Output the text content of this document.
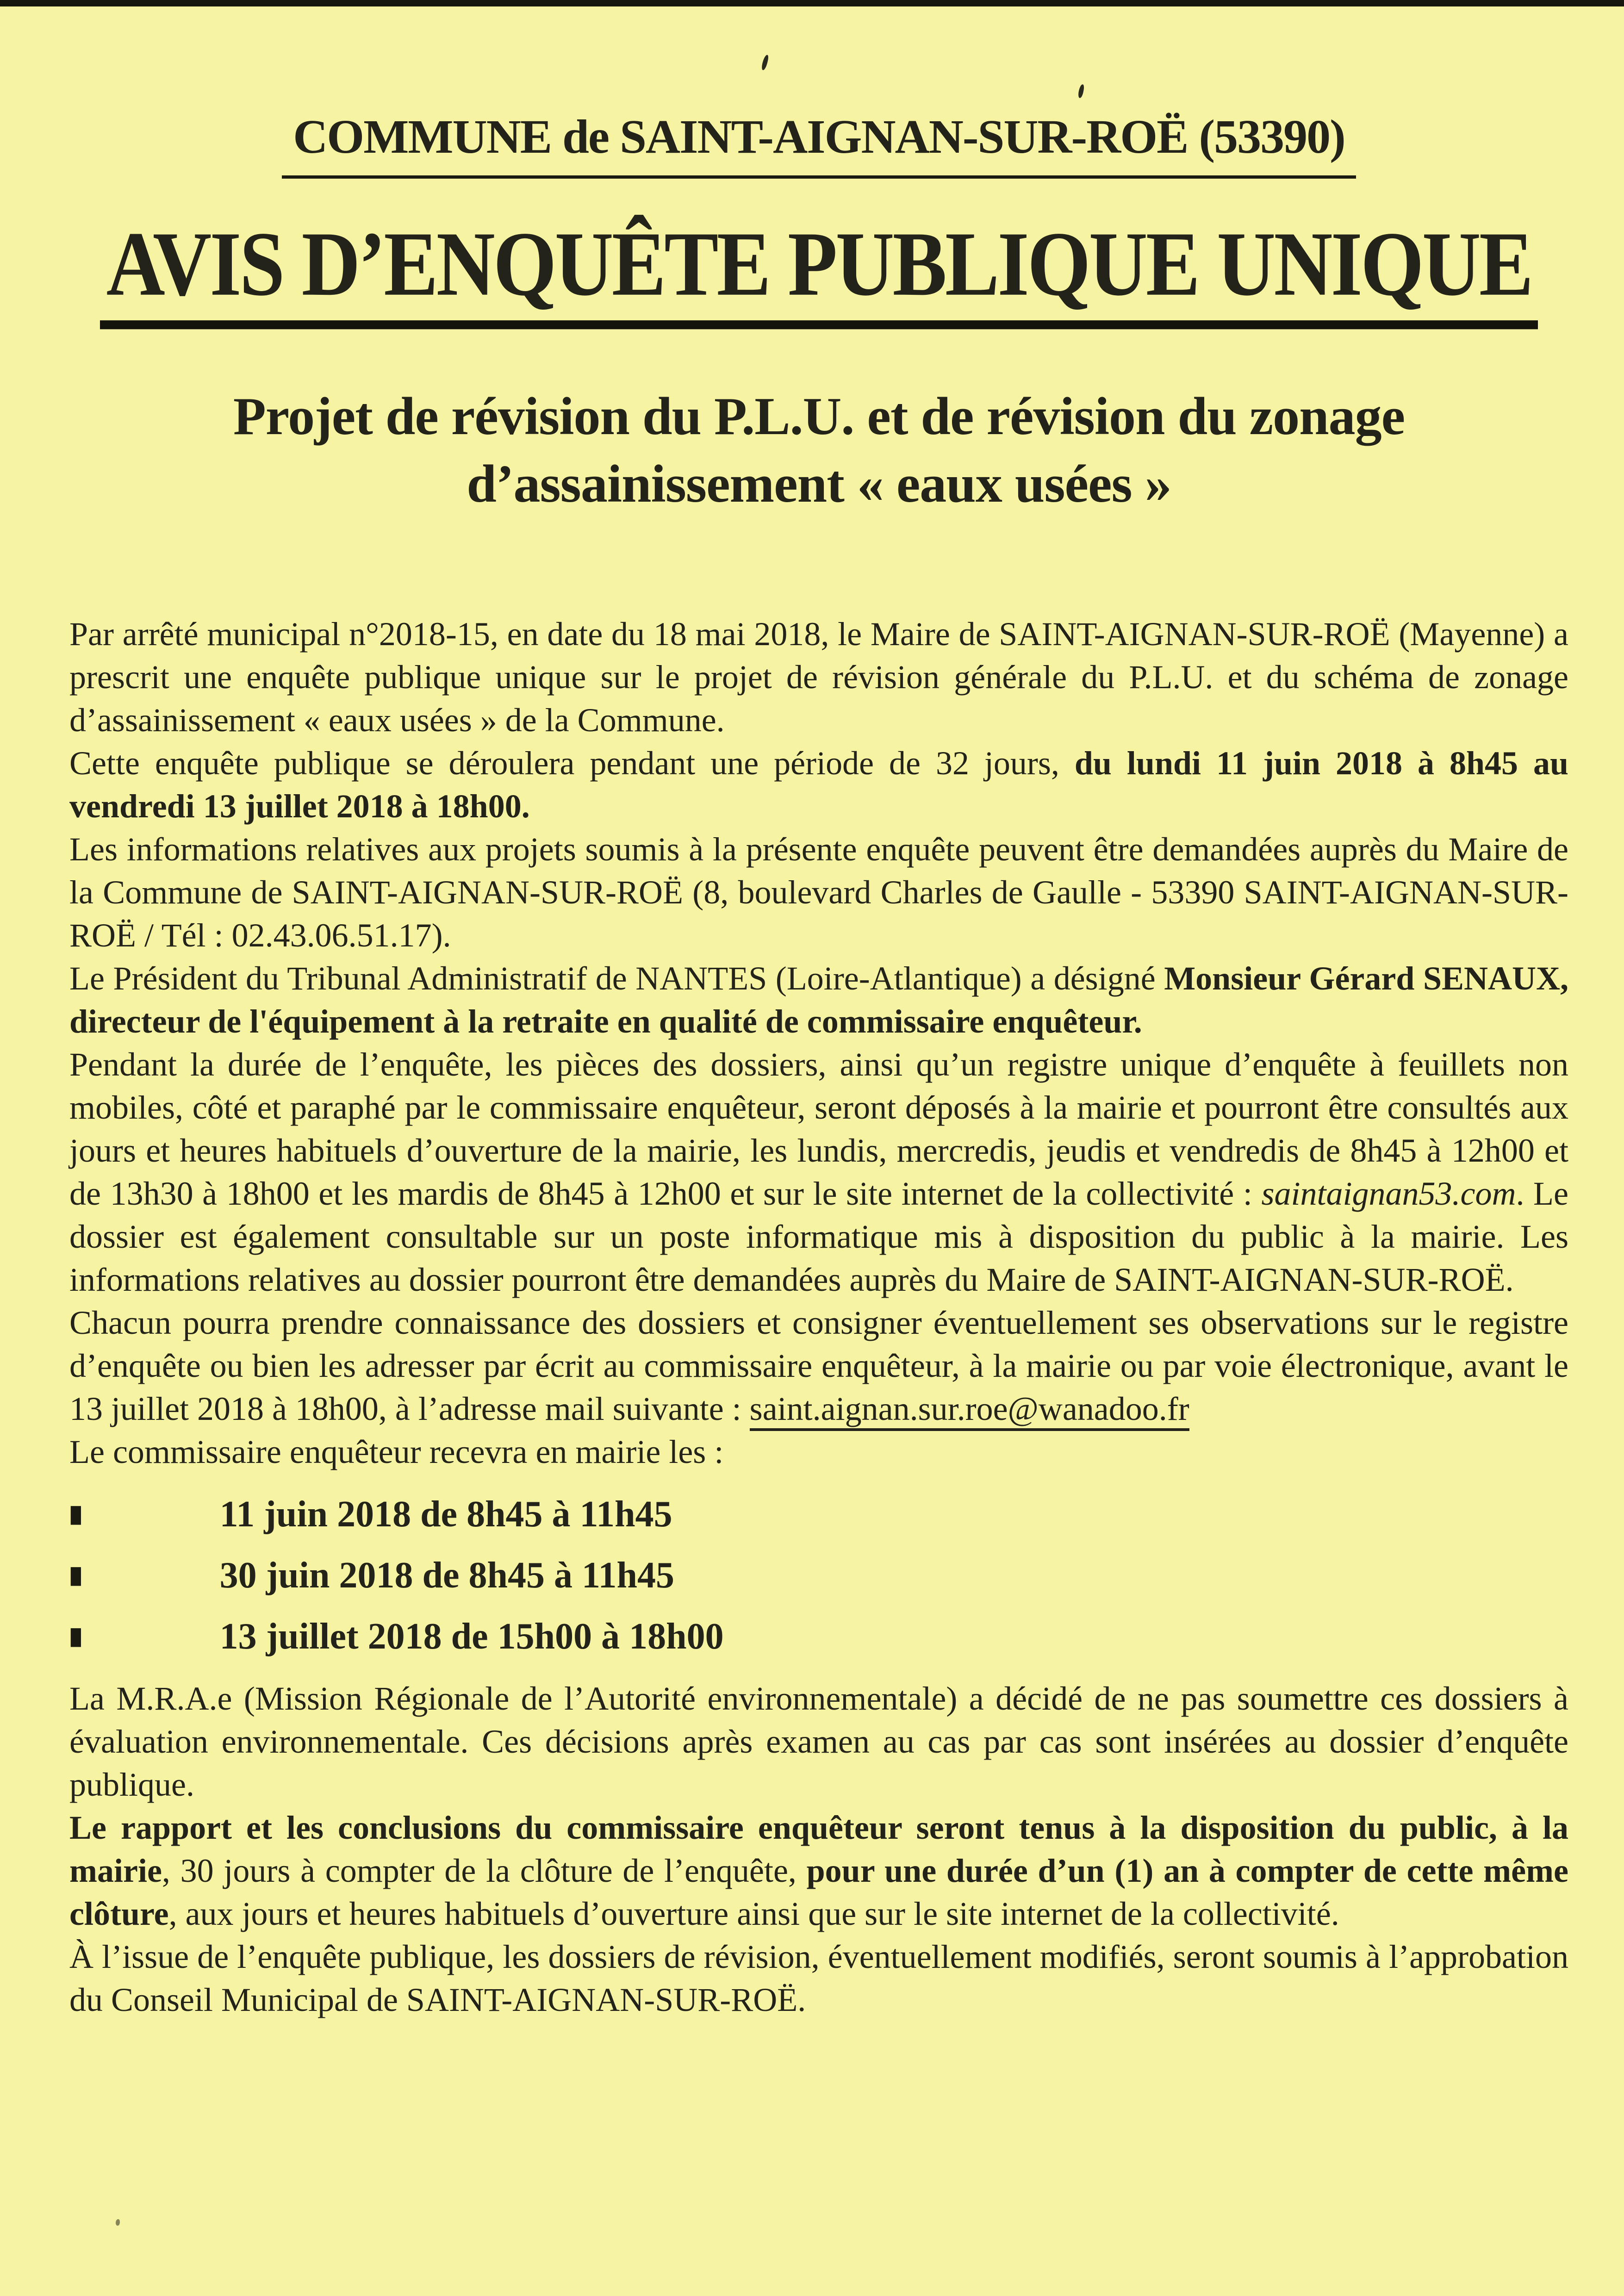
COMMUNE de SAINT-AIGNAN-SUR-ROË (53390)
AVIS D’ENQUÊTE PUBLIQUE UNIQUE
Projet de révision du P.L.U. et de révision du zonage
d’assainissement « eaux usées »

Par arrêté municipal n°2018-15, en date du 18 mai 2018, le Maire de SAINT-AIGNAN-SUR-ROË (Mayenne) a prescrit une enquête publique unique sur le projet de révision générale du P.L.U. et du schéma de zonage d’assainissement « eaux usées » de la Commune.

Cette enquête publique se déroulera pendant une période de 32 jours, du lundi 11 juin 2018 à 8h45 au vendredi 13 juillet 2018 à 18h00.

Les informations relatives aux projets soumis à la présente enquête peuvent être demandées auprès du Maire de la Commune de SAINT-AIGNAN-SUR-ROË (8, boulevard Charles de Gaulle - 53390 SAINT-AIGNAN-SUR-ROË / Tél : 02.43.06.51.17).

Le Président du Tribunal Administratif de NANTES (Loire-Atlantique) a désigné Monsieur Gérard SENAUX, directeur de l'équipement à la retraite en qualité de commissaire enquêteur.

Pendant la durée de l’enquête, les pièces des dossiers, ainsi qu’un registre unique d’enquête à feuillets non mobiles, côté et paraphé par le commissaire enquêteur, seront déposés à la mairie et pourront être consultés aux jours et heures habituels d’ouverture de la mairie, les lundis, mercredis, jeudis et vendredis de 8h45 à 12h00 et de 13h30 à 18h00 et les mardis de 8h45 à 12h00 et sur le site internet de la collectivité : saintaignan53.com. Le dossier est également consultable sur un poste informatique mis à disposition du public à la mairie. Les informations relatives au dossier pourront être demandées auprès du Maire de SAINT-AIGNAN-SUR-ROË.

Chacun pourra prendre connaissance des dossiers et consigner éventuellement ses observations sur le registre d’enquête ou bien les adresser par écrit au commissaire enquêteur, à la mairie ou par voie électronique, avant le 13 juillet 2018 à 18h00, à l’adresse mail suivante : saint.aignan.sur.roe@wanadoo.fr

Le commissaire enquêteur recevra en mairie les :

■	11 juin 2018 de 8h45 à 11h45
■	30 juin 2018 de 8h45 à 11h45
■	13 juillet 2018 de 15h00 à 18h00

La M.R.A.e (Mission Régionale de l’Autorité environnementale) a décidé de ne pas soumettre ces dossiers à évaluation environnementale. Ces décisions après examen au cas par cas sont insérées au dossier d’enquête publique.

Le rapport et les conclusions du commissaire enquêteur seront tenus à la disposition du public, à la mairie, 30 jours à compter de la clôture de l’enquête, pour une durée d’un (1) an à compter de cette même clôture, aux jours et heures habituels d’ouverture ainsi que sur le site internet de la collectivité.

À l’issue de l’enquête publique, les dossiers de révision, éventuellement modifiés, seront soumis à l’approbation du Conseil Municipal de SAINT-AIGNAN-SUR-ROË.
